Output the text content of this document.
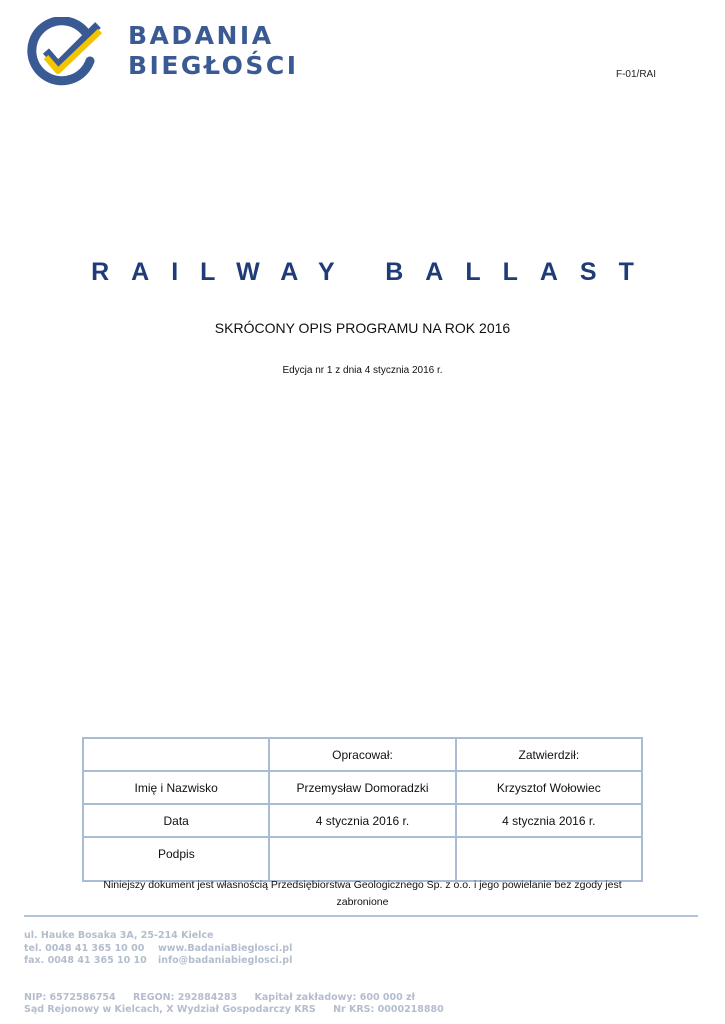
BADANIA
BIEGŁOŚCI	F-01/RAI
RAILWAY BALLAST
SKRÓCONY OPIS PROGRAMU NA ROK 2016
Edycja nr 1 z dnia 4 stycznia 2016 r.
	Opracował:	Zatwierdził:
Imię i Nazwisko	Przemysław Domoradzki	Krzysztof Wołowiec
Data	4 stycznia 2016 r.	4 stycznia 2016 r.
Podpis		
Niniejszy dokument jest własnością Przedsiębiorstwa Geologicznego Sp. z o.o. i jego powielanie bez zgody jest zabronione
ul. Hauke Bosaka 3A, 25-214 Kielce
tel. 0048 41 365 10 00 www.BadaniaBieglosci.pl
fax. 0048 41 365 10 10 info@badaniabieglosci.pl
NIP: 6572586754 REGON: 292884283 Kapitał zakładowy: 600 000 zł
Sąd Rejonowy w Kielcach, X Wydział Gospodarczy KRS Nr KRS: 0000218880
